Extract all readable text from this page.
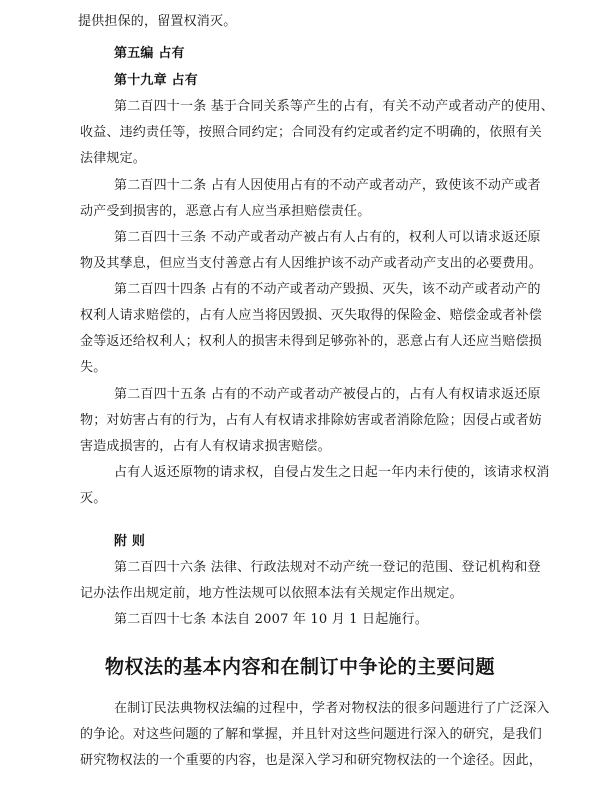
提供担保的，留置权消灭。
第五编 占有
第十九章 占有
第二百四十一条 基于合同关系等产生的占有，有关不动产或者动产的使用、
收益、违约责任等，按照合同约定；合同没有约定或者约定不明确的，依照有关
法律规定。
第二百四十二条 占有人因使用占有的不动产或者动产，致使该不动产或者
动产受到损害的，恶意占有人应当承担赔偿责任。
第二百四十三条 不动产或者动产被占有人占有的，权利人可以请求返还原
物及其孳息，但应当支付善意占有人因维护该不动产或者动产支出的必要费用。
第二百四十四条 占有的不动产或者动产毁损、灭失，该不动产或者动产的
权利人请求赔偿的，占有人应当将因毁损、灭失取得的保险金、赔偿金或者补偿
金等返还给权利人；权利人的损害未得到足够弥补的，恶意占有人还应当赔偿损
失。
第二百四十五条 占有的不动产或者动产被侵占的，占有人有权请求返还原
物；对妨害占有的行为，占有人有权请求排除妨害或者消除危险；因侵占或者妨
害造成损害的，占有人有权请求损害赔偿。
占有人返还原物的请求权，自侵占发生之日起一年内未行使的，该请求权消
灭。
附 则
第二百四十六条 法律、行政法规对不动产统一登记的范围、登记机构和登
记办法作出规定前，地方性法规可以依照本法有关规定作出规定。
第二百四十七条 本法自 2007 年 10 月 1 日起施行。
物权法的基本内容和在制订中争论的主要问题
在制订民法典物权法编的过程中，学者对物权法的很多问题进行了广泛深入
的争论。对这些问题的了解和掌握，并且针对这些问题进行深入的研究，是我们
研究物权法的一个重要的内容，也是深入学习和研究物权法的一个途径。因此，
